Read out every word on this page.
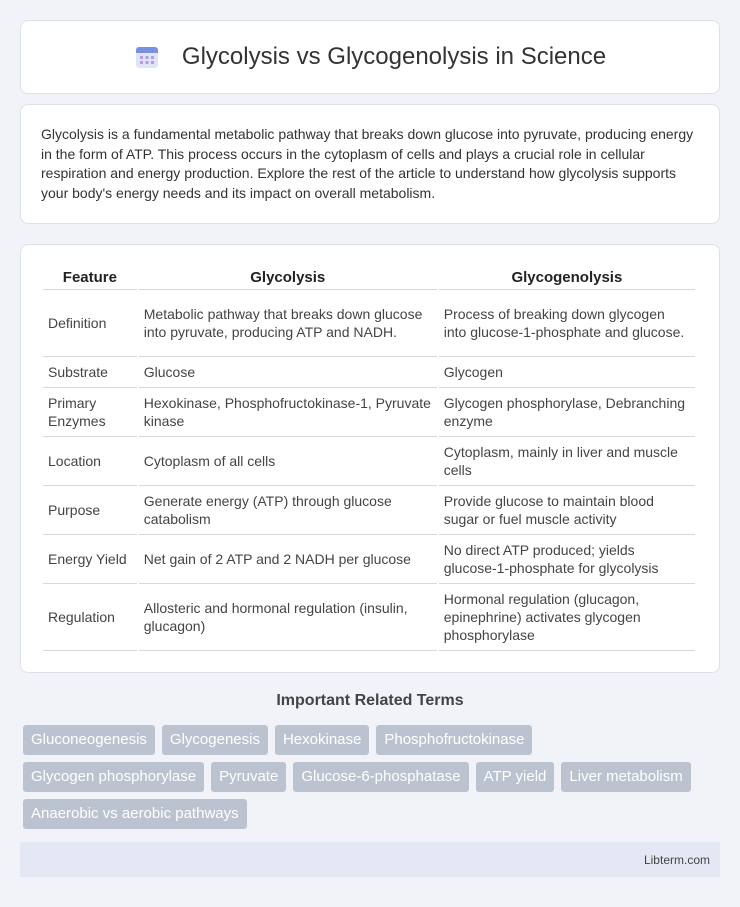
Glycolysis vs Glycogenolysis in Science

Glycolysis is a fundamental metabolic pathway that breaks down glucose into pyruvate, producing energy in the form of ATP. This process occurs in the cytoplasm of cells and plays a crucial role in cellular respiration and energy production. Explore the rest of the article to understand how glycolysis supports your body's energy needs and its impact on overall metabolism.

Feature	Glycolysis	Glycogenolysis
Definition	Metabolic pathway that breaks down glucose into pyruvate, producing ATP and NADH.	Process of breaking down glycogen into glucose-1-phosphate and glucose.
Substrate	Glucose	Glycogen
Primary Enzymes	Hexokinase, Phosphofructokinase-1, Pyruvate kinase	Glycogen phosphorylase, Debranching enzyme
Location	Cytoplasm of all cells	Cytoplasm, mainly in liver and muscle cells
Purpose	Generate energy (ATP) through glucose catabolism	Provide glucose to maintain blood sugar or fuel muscle activity
Energy Yield	Net gain of 2 ATP and 2 NADH per glucose	No direct ATP produced; yields glucose-1-phosphate for glycolysis
Regulation	Allosteric and hormonal regulation (insulin, glucagon)	Hormonal regulation (glucagon, epinephrine) activates glycogen phosphorylase
Important Related Terms
Gluconeogenesis	Glycogenesis	Hexokinase	Phosphofructokinase
Glycogen phosphorylase	Pyruvate	Glucose-6-phosphatase	ATP yield	Liver metabolism
Anaerobic vs aerobic pathways
Libterm.com
